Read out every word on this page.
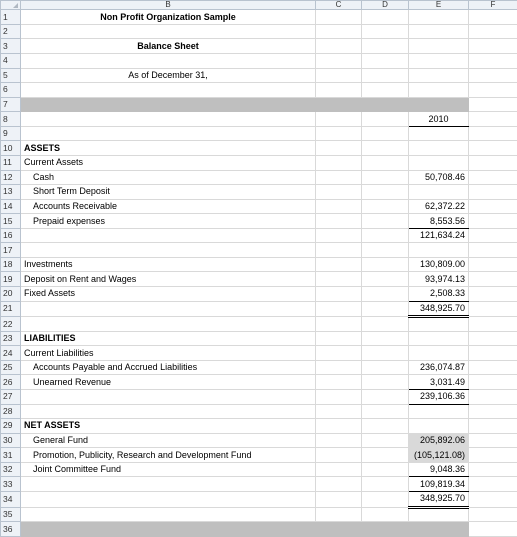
	B	C	D	E	F
1	Non Profit Organization Sample				
2					
3	Balance Sheet				
4					
5	As of December 31,				
6					
7					
8				2010	
9					
10	ASSETS				
11	Current Assets				
12	Cash			50,708.46	
13	Short Term Deposit				
14	Accounts Receivable			62,372.22	
15	Prepaid expenses			8,553.56	
16				121,634.24	
17					
18	Investments			130,809.00	
19	Deposit on Rent and Wages			93,974.13	
20	Fixed Assets			2,508.33	
21				348,925.70	
22					
23	LIABILITIES				
24	Current Liabilities				
25	Accounts Payable and Accrued Liabilities			236,074.87	
26	Unearned Revenue			3,031.49	
27				239,106.36	
28					
29	NET ASSETS				
30	General Fund			205,892.06	
31	Promotion, Publicity, Research and Development Fund			(105,121.08)	
32	Joint Committee Fund			9,048.36	
33				109,819.34	
34				348,925.70	
35					
36					
